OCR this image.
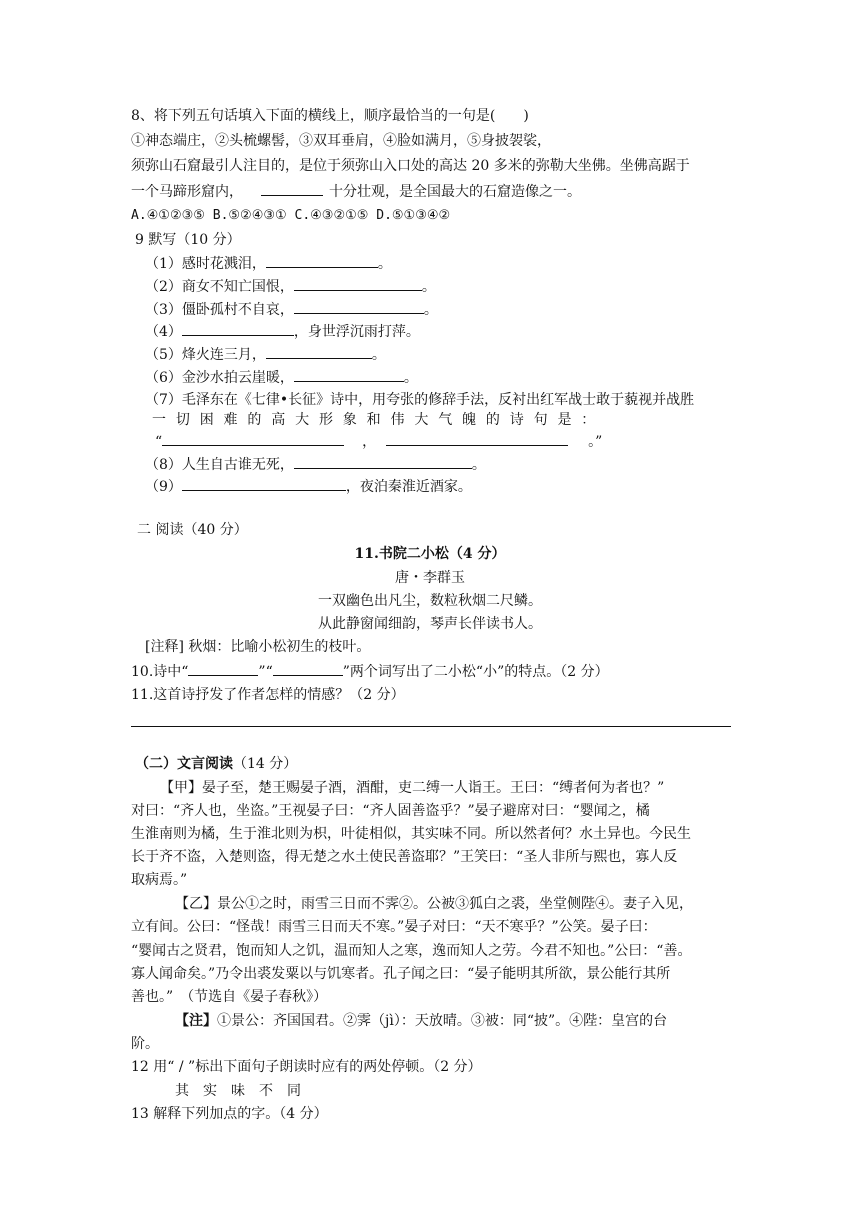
8、将下列五句话填入下面的横线上，顺序最恰当的一句是(　　)
①神态端庄，②头梳螺髻，③双耳垂肩，④脸如满月，⑤身披袈裟，
须弥山石窟最引人注目的，是位于须弥山入口处的高达 20 多米的弥勒大坐佛。坐佛高踞于
一个马蹄形窟内，	十分壮观，是全国最大的石窟造像之一。
A.④①②③⑤ B.⑤②④③① C.④③②①⑤ D.⑤①③④②
9 默写（10 分）
（1）感时花溅泪，	。
（2）商女不知亡国恨，	。
（3）僵卧孤村不自哀，	。
（4）	，身世浮沉雨打萍。
（5）烽火连三月，	。
（6）金沙水拍云崖暖，	。
（7）毛泽东在《七律•长征》诗中，用夸张的修辞手法，反衬出红军战士敢于藐视并战胜
一 切 困 难 的 高 大 形 象 和 伟 大 气 魄 的 诗 句 是 ：
“	，	。”
（8）人生自古谁无死，	。
（9）	，夜泊秦淮近酒家。
二 阅读（40 分）
11.书院二小松（4 分）
唐・李群玉
一双幽色出凡尘，数粒秋烟二尺鳞。
从此静窗闻细韵，琴声长伴读书人。
[注释] 秋烟：比喻小松初生的枝叶。
10.诗中“	”“	”两个词写出了二小松“小”的特点。（2 分）
11.这首诗抒发了作者怎样的情感？（2 分）
（二）文言阅读（14 分）
【甲】晏子至，楚王赐晏子酒，酒酣，吏二缚一人诣王。王曰：“缚者何为者也？”
对曰：“齐人也，坐盗。”王视晏子曰：“齐人固善盗乎？”晏子避席对曰：“婴闻之，橘
生淮南则为橘，生于淮北则为枳，叶徒相似，其实味不同。所以然者何？水土异也。今民生
长于齐不盗，入楚则盗，得无楚之水土使民善盗耶？”王笑曰：“圣人非所与熙也，寡人反
取病焉。”
【乙】景公①之时，雨雪三日而不霁②。公被③狐白之裘，坐堂侧陛④。妻子入见，
立有间。公曰：“怪哉！雨雪三日而天不寒。”晏子对曰：“天不寒乎？”公笑。晏子曰：
“婴闻古之贤君，饱而知人之饥，温而知人之寒，逸而知人之劳。今君不知也。”公曰：“善。
寡人闻命矣。”乃令出裘发粟以与饥寒者。孔子闻之曰：“晏子能明其所欲，景公能行其所
善也。”　（节选自《晏子春秋》）
【注】①景公：齐国国君。②霁（jì）：天放晴。③被：同“披”。④陛：皇宫的台
阶。
12 用“ / ”标出下面句子朗读时应有的两处停顿。（2 分）
其　实　味　不　同
13 解释下列加点的字。（4 分）
